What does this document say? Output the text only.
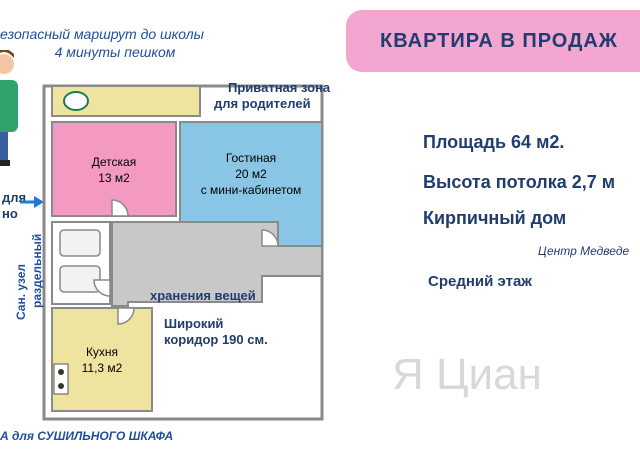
езопасный маршрут до школы
4 минуты пешком
для
но
Детская
13 м2
Гостиная
20 м2
с мини-кабинетом
Кухня
11,3 м2
Приватная зона
для родителей
хранения вещей
Широкий
коридор 190 см.
Сан. узел раздельный
А для СУШИЛЬНОГО ШКАФА
КВАРТИРА В ПРОДАЖ
Площадь 64 м2.
Высота потолка 2,7 м
Кирпичный дом
Центр Медведе
Средний этаж
Я Циан
